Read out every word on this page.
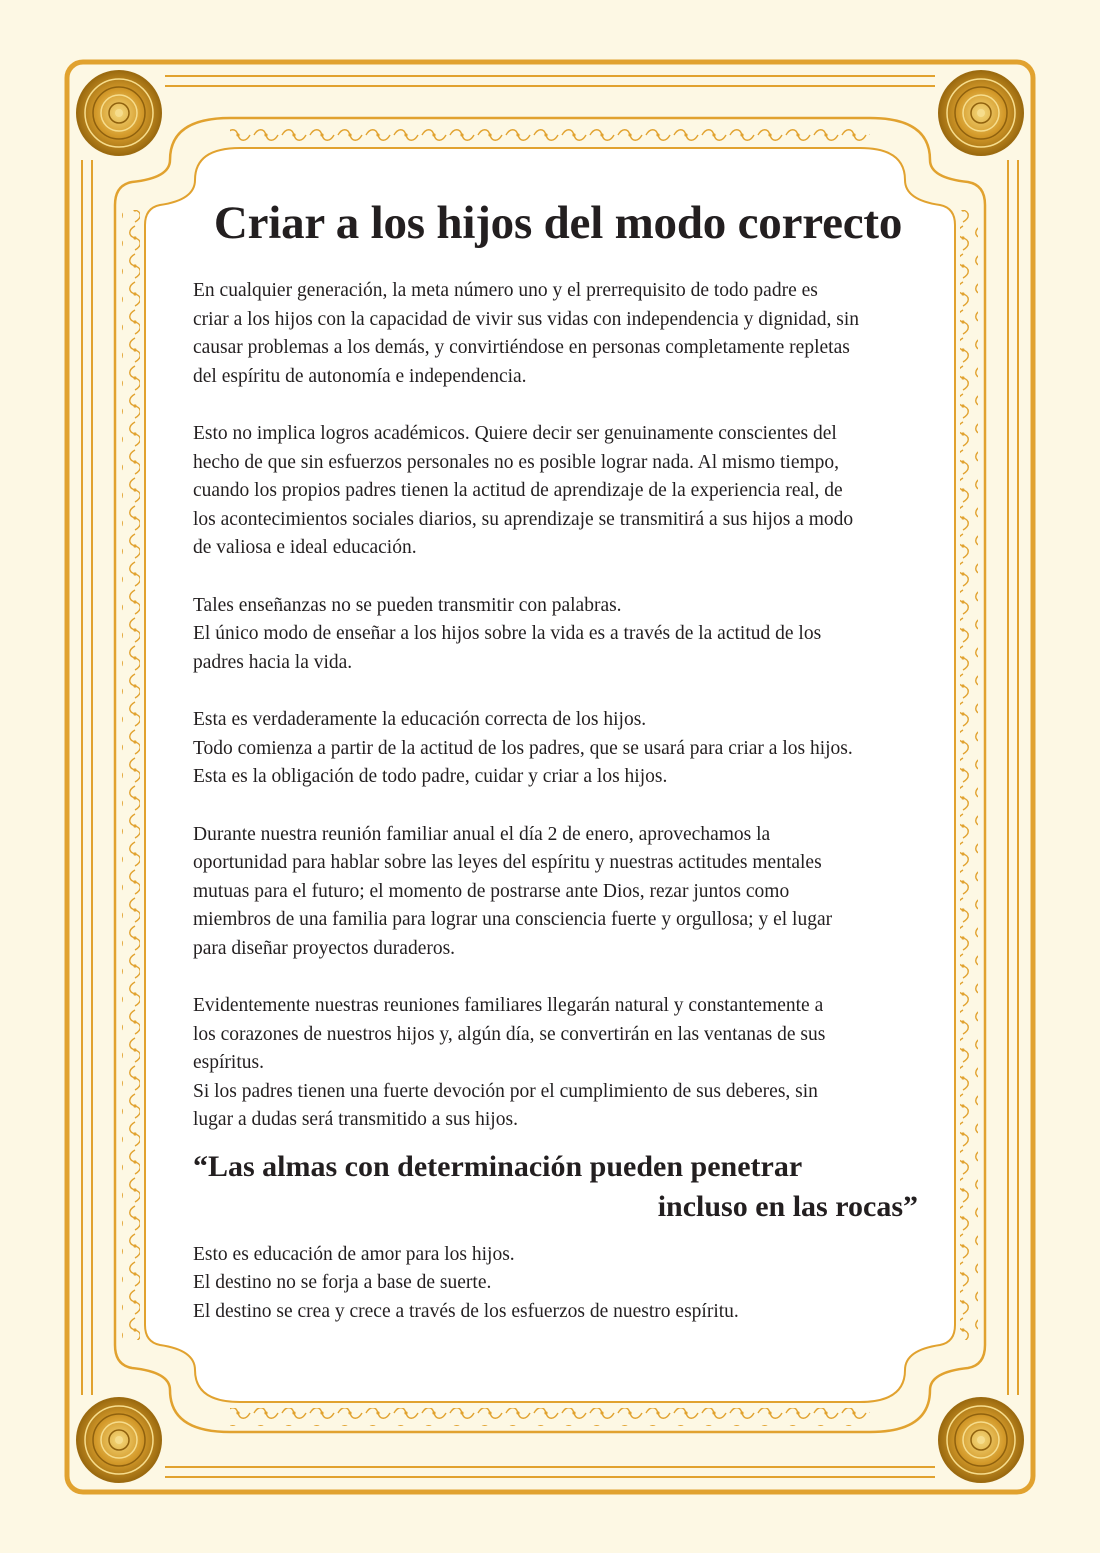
Criar a los hijos del modo correcto
En cualquier generación, la meta número uno y el prerrequisito de todo padre es
criar a los hijos con la capacidad de vivir sus vidas con independencia y dignidad, sin
causar problemas a los demás, y convirtiéndose en personas completamente repletas
del espíritu de autonomía e independencia.
Esto no implica logros académicos. Quiere decir ser genuinamente conscientes del
hecho de que sin esfuerzos personales no es posible lograr nada. Al mismo tiempo,
cuando los propios padres tienen la actitud de aprendizaje de la experiencia real, de
los acontecimientos sociales diarios, su aprendizaje se transmitirá a sus hijos a modo
de valiosa e ideal educación.
Tales enseñanzas no se pueden transmitir con palabras.
El único modo de enseñar a los hijos sobre la vida es a través de la actitud de los
padres hacia la vida.
Esta es verdaderamente la educación correcta de los hijos.
Todo comienza a partir de la actitud de los padres, que se usará para criar a los hijos.
Esta es la obligación de todo padre, cuidar y criar a los hijos.
Durante nuestra reunión familiar anual el día 2 de enero, aprovechamos la
oportunidad para hablar sobre las leyes del espíritu y nuestras actitudes mentales
mutuas para el futuro; el momento de postrarse ante Dios, rezar juntos como
miembros de una familia para lograr una consciencia fuerte y orgullosa; y el lugar
para diseñar proyectos duraderos.
Evidentemente nuestras reuniones familiares llegarán natural y constantemente a
los corazones de nuestros hijos y, algún día, se convertirán en las ventanas de sus
espíritus.
Si los padres tienen una fuerte devoción por el cumplimiento de sus deberes, sin
lugar a dudas será transmitido a sus hijos.
“Las almas con determinación pueden penetrar
incluso en las rocas”
Esto es educación de amor para los hijos.
El destino no se forja a base de suerte.
El destino se crea y crece a través de los esfuerzos de nuestro espíritu.
